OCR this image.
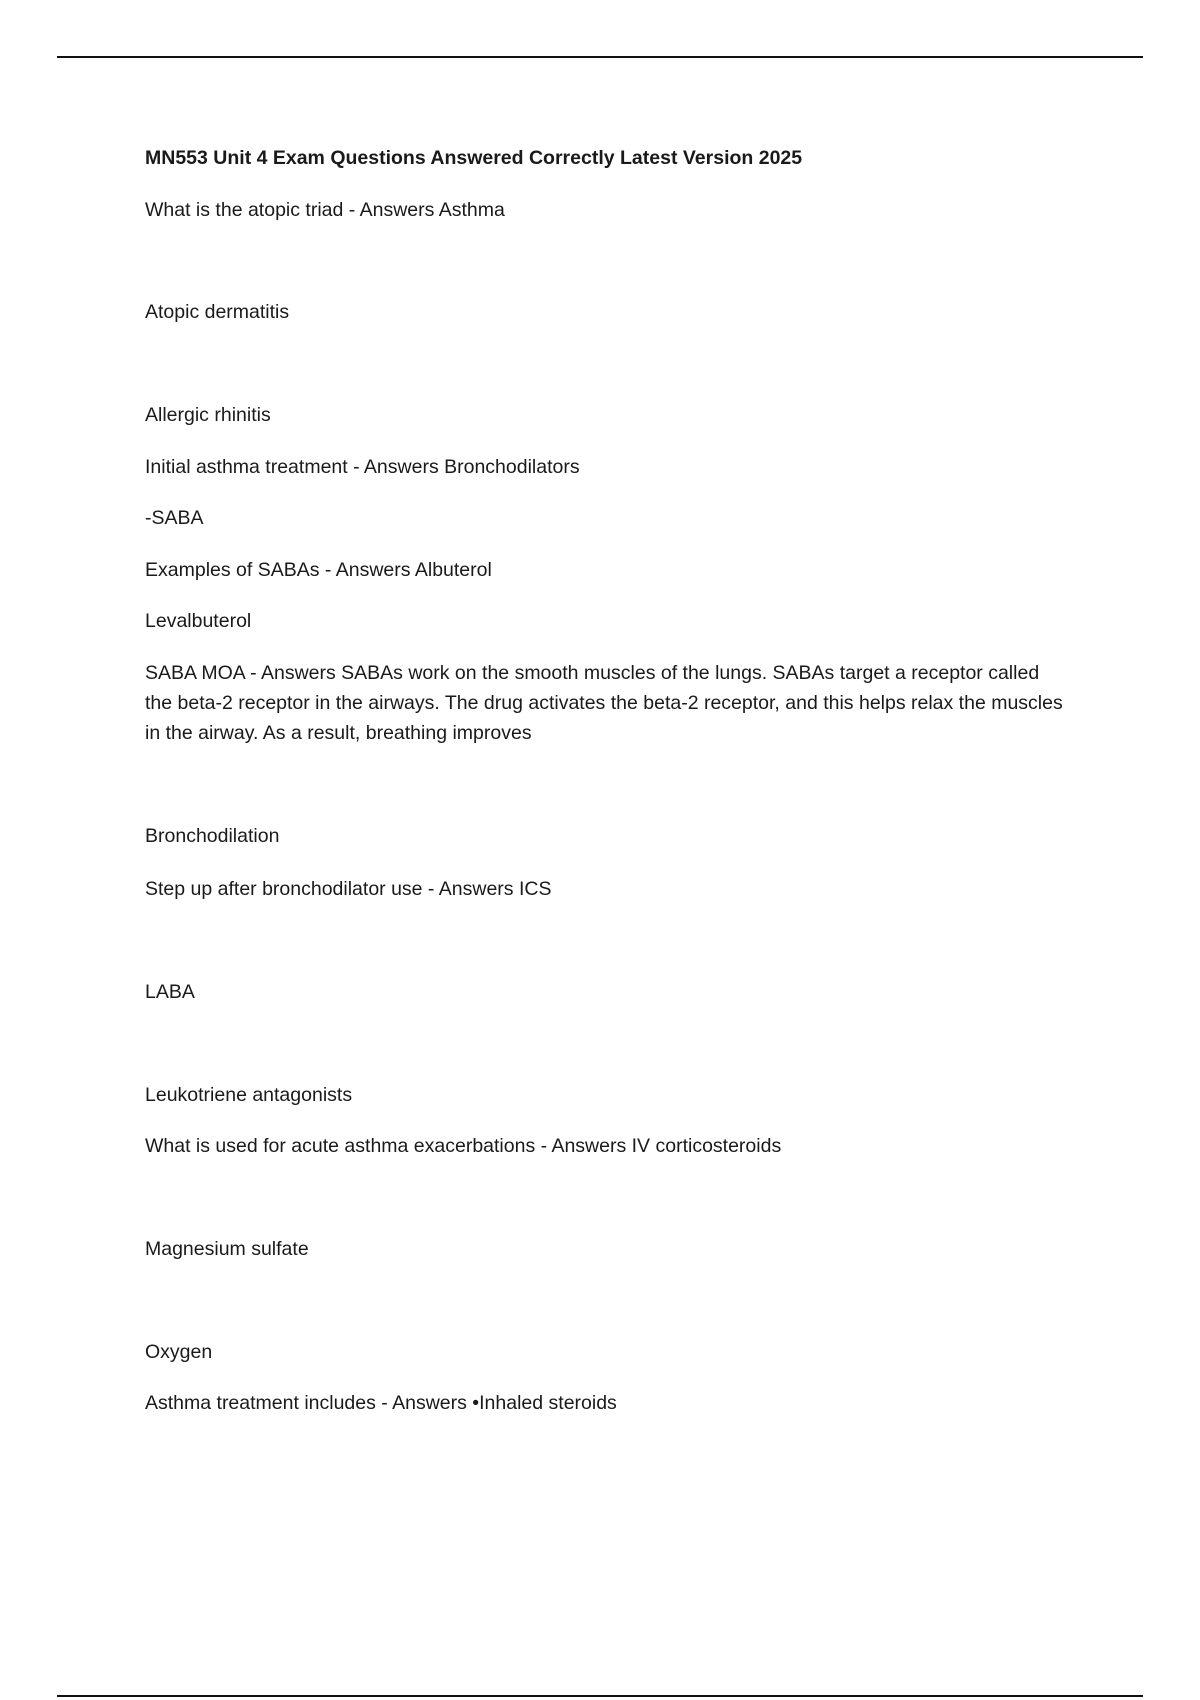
MN553 Unit 4 Exam Questions Answered Correctly Latest Version 2025
What is the atopic triad - Answers Asthma
Atopic dermatitis
Allergic rhinitis
Initial asthma treatment - Answers Bronchodilators
-SABA
Examples of SABAs - Answers Albuterol
Levalbuterol
SABA MOA - Answers SABAs work on the smooth muscles of the lungs. SABAs target a receptor called the beta-2 receptor in the airways. The drug activates the beta-2 receptor, and this helps relax the muscles in the airway. As a result, breathing improves
Bronchodilation
Step up after bronchodilator use - Answers ICS
LABA
Leukotriene antagonists
What is used for acute asthma exacerbations - Answers IV corticosteroids
Magnesium sulfate
Oxygen
Asthma treatment includes - Answers •Inhaled steroids
